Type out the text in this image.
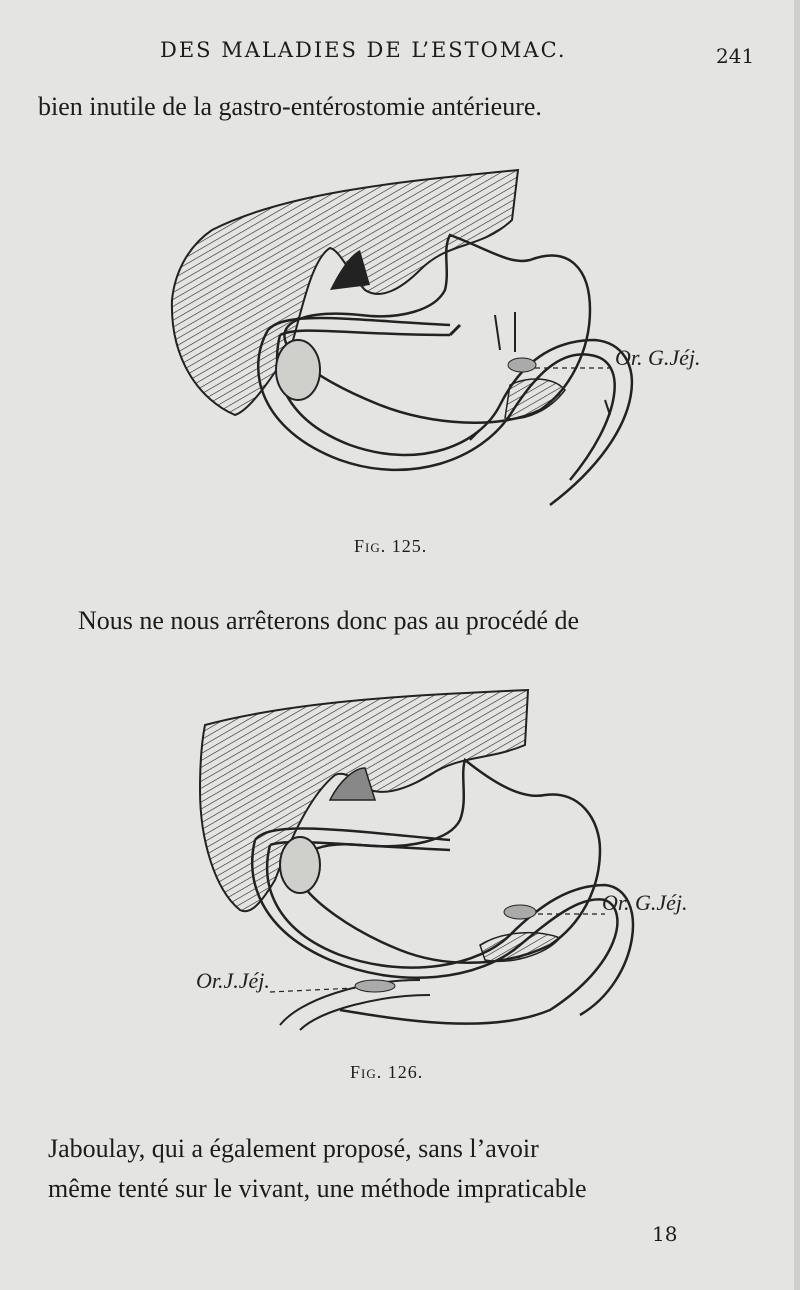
DES MALADIES DE L’ESTOMAC.	241
bien inutile de la gastro-entérostomie antérieure.
Or. G.Jéj.
Fig. 125.
Nous ne nous arrêterons donc pas au procédé de
Or. G.Jéj.
Or.J.Jéj.
Fig. 126.
Jaboulay, qui a également proposé, sans l’avoir
même tenté sur le vivant, une méthode impraticable
18
